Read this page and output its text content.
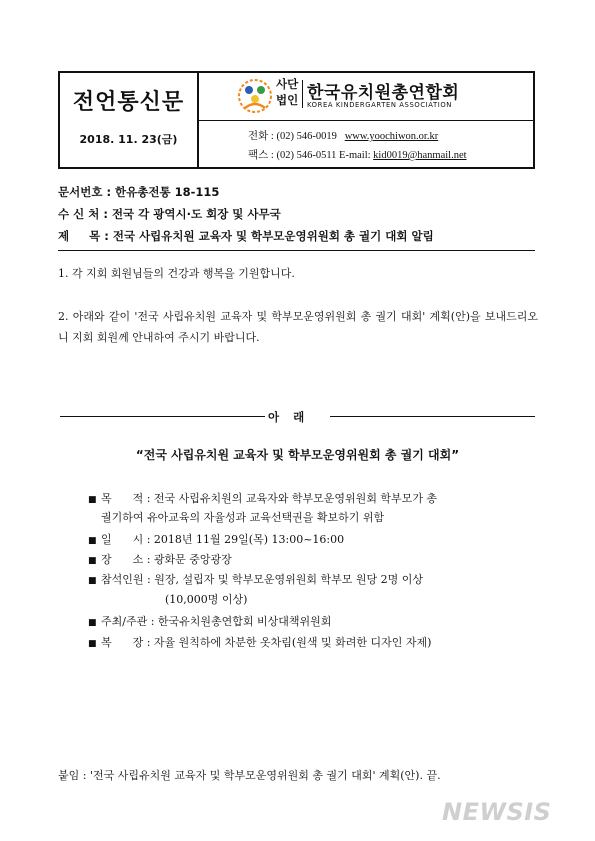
전언통신문
2018. 11. 23(금)
사단
법인 한국유치원총연합회
KOREA KINDERGARTEN ASSOCIATION
전화 : (02) 546-0019 www.yoochiwon.or.kr
팩스 : (02) 546-0511 E-mail: kid0019@hanmail.net
문서번호 : 한유총전통 18-115
수 신 처 : 전국 각 광역시·도 회장 및 사무국
제     목 : 전국 사립유치원 교육자 및 학부모운영위원회 총 궐기 대회 알림
1. 각 지회 회원님들의 건강과 행복을 기원합니다.
2. 아래와 같이 '전국 사립유치원 교육자 및 학부모운영위원회 총 궐기 대회' 계획(안)을 보내드리오니 지회 회원께 안내하여 주시기 바랍니다.
아래
“전국 사립유치원 교육자 및 학부모운영위원회 총 궐기 대회”
■ 목      적 : 전국 사립유치원의 교육자와 학부모운영위원회 학부모가 총
궐기하여 유아교육의 자율성과 교육선택권을 확보하기 위함
■ 일      시 : 2018년 11월 29일(목) 13:00~16:00
■ 장      소 : 광화문 중앙광장
■ 참석인원 : 원장, 설립자 및 학부모운영위원회 학부모 원당 2명 이상
(10,000명 이상)
■ 주최/주관 : 한국유치원총연합회 비상대책위원회
■ 복      장 : 자율 원칙하에 차분한 옷차림(원색 및 화려한 디자인 자제)
붙임 : '전국 사립유치원 교육자 및 학부모운영위원회 총 궐기 대회' 계획(안). 끝.
NEWSIS
